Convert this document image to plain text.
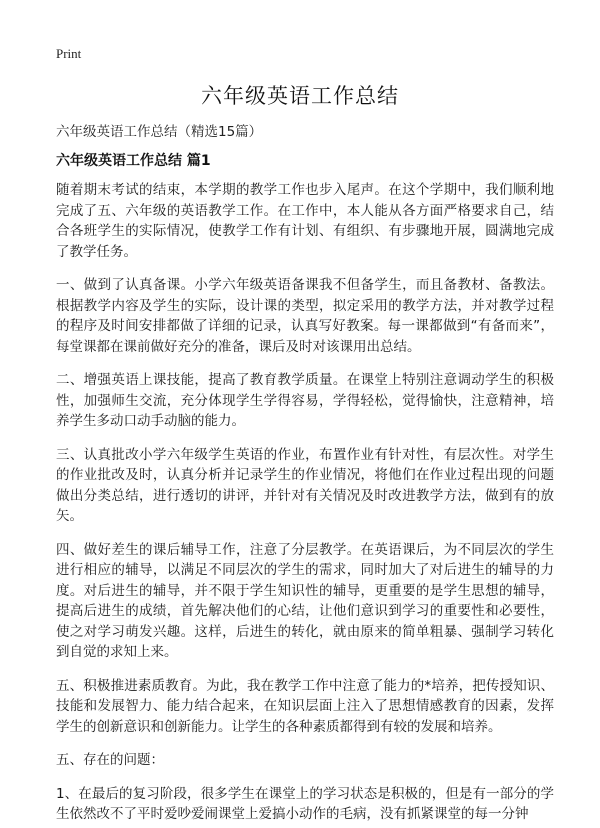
Print
六年级英语工作总结

六年级英语工作总结（精选15篇）

六年级英语工作总结 篇1

随着期末考试的结束，本学期的教学工作也步入尾声。在这个学期中，我们顺利地完成了五、六年级的英语教学工作。在工作中，本人能从各方面严格要求自己，结合各班学生的实际情况，使教学工作有计划、有组织、有步骤地开展，圆满地完成了教学任务。

一、做到了认真备课。小学六年级英语备课我不但备学生，而且备教材、备教法。根据教学内容及学生的实际，设计课的类型，拟定采用的教学方法，并对教学过程的程序及时间安排都做了详细的记录，认真写好教案。每一课都做到“有备而来”，每堂课都在课前做好充分的准备，课后及时对该课用出总结。

二、增强英语上课技能，提高了教育教学质量。在课堂上特别注意调动学生的积极性，加强师生交流，充分体现学生学得容易，学得轻松，觉得愉快，注意精神，培养学生多动口动手动脑的能力。

三、认真批改小学六年级学生英语的作业，布置作业有针对性，有层次性。对学生的作业批改及时，认真分析并记录学生的作业情况，将他们在作业过程出现的问题做出分类总结，进行透切的讲评，并针对有关情况及时改进教学方法，做到有的放矢。

四、做好差生的课后辅导工作，注意了分层教学。在英语课后，为不同层次的学生进行相应的辅导，以满足不同层次的学生的需求，同时加大了对后进生的辅导的力度。对后进生的辅导，并不限于学生知识性的辅导，更重要的是学生思想的辅导，提高后进生的成绩，首先解决他们的心结，让他们意识到学习的重要性和必要性，使之对学习萌发兴趣。这样，后进生的转化，就由原来的简单粗暴、强制学习转化到自觉的求知上来。

五、积极推进素质教育。为此，我在教学工作中注意了能力的*培养，把传授知识、技能和发展智力、能力结合起来，在知识层面上注入了思想情感教育的因素，发挥学生的创新意识和创新能力。让学生的各种素质都得到有较的发展和培养。

五、存在的问题：

1、在最后的复习阶段，很多学生在课堂上的学习状态是积极的，但是有一部分的学生依然改不了平时爱吵爱闹课堂上爱搞小动作的毛病，没有抓紧课堂的每一分钟
